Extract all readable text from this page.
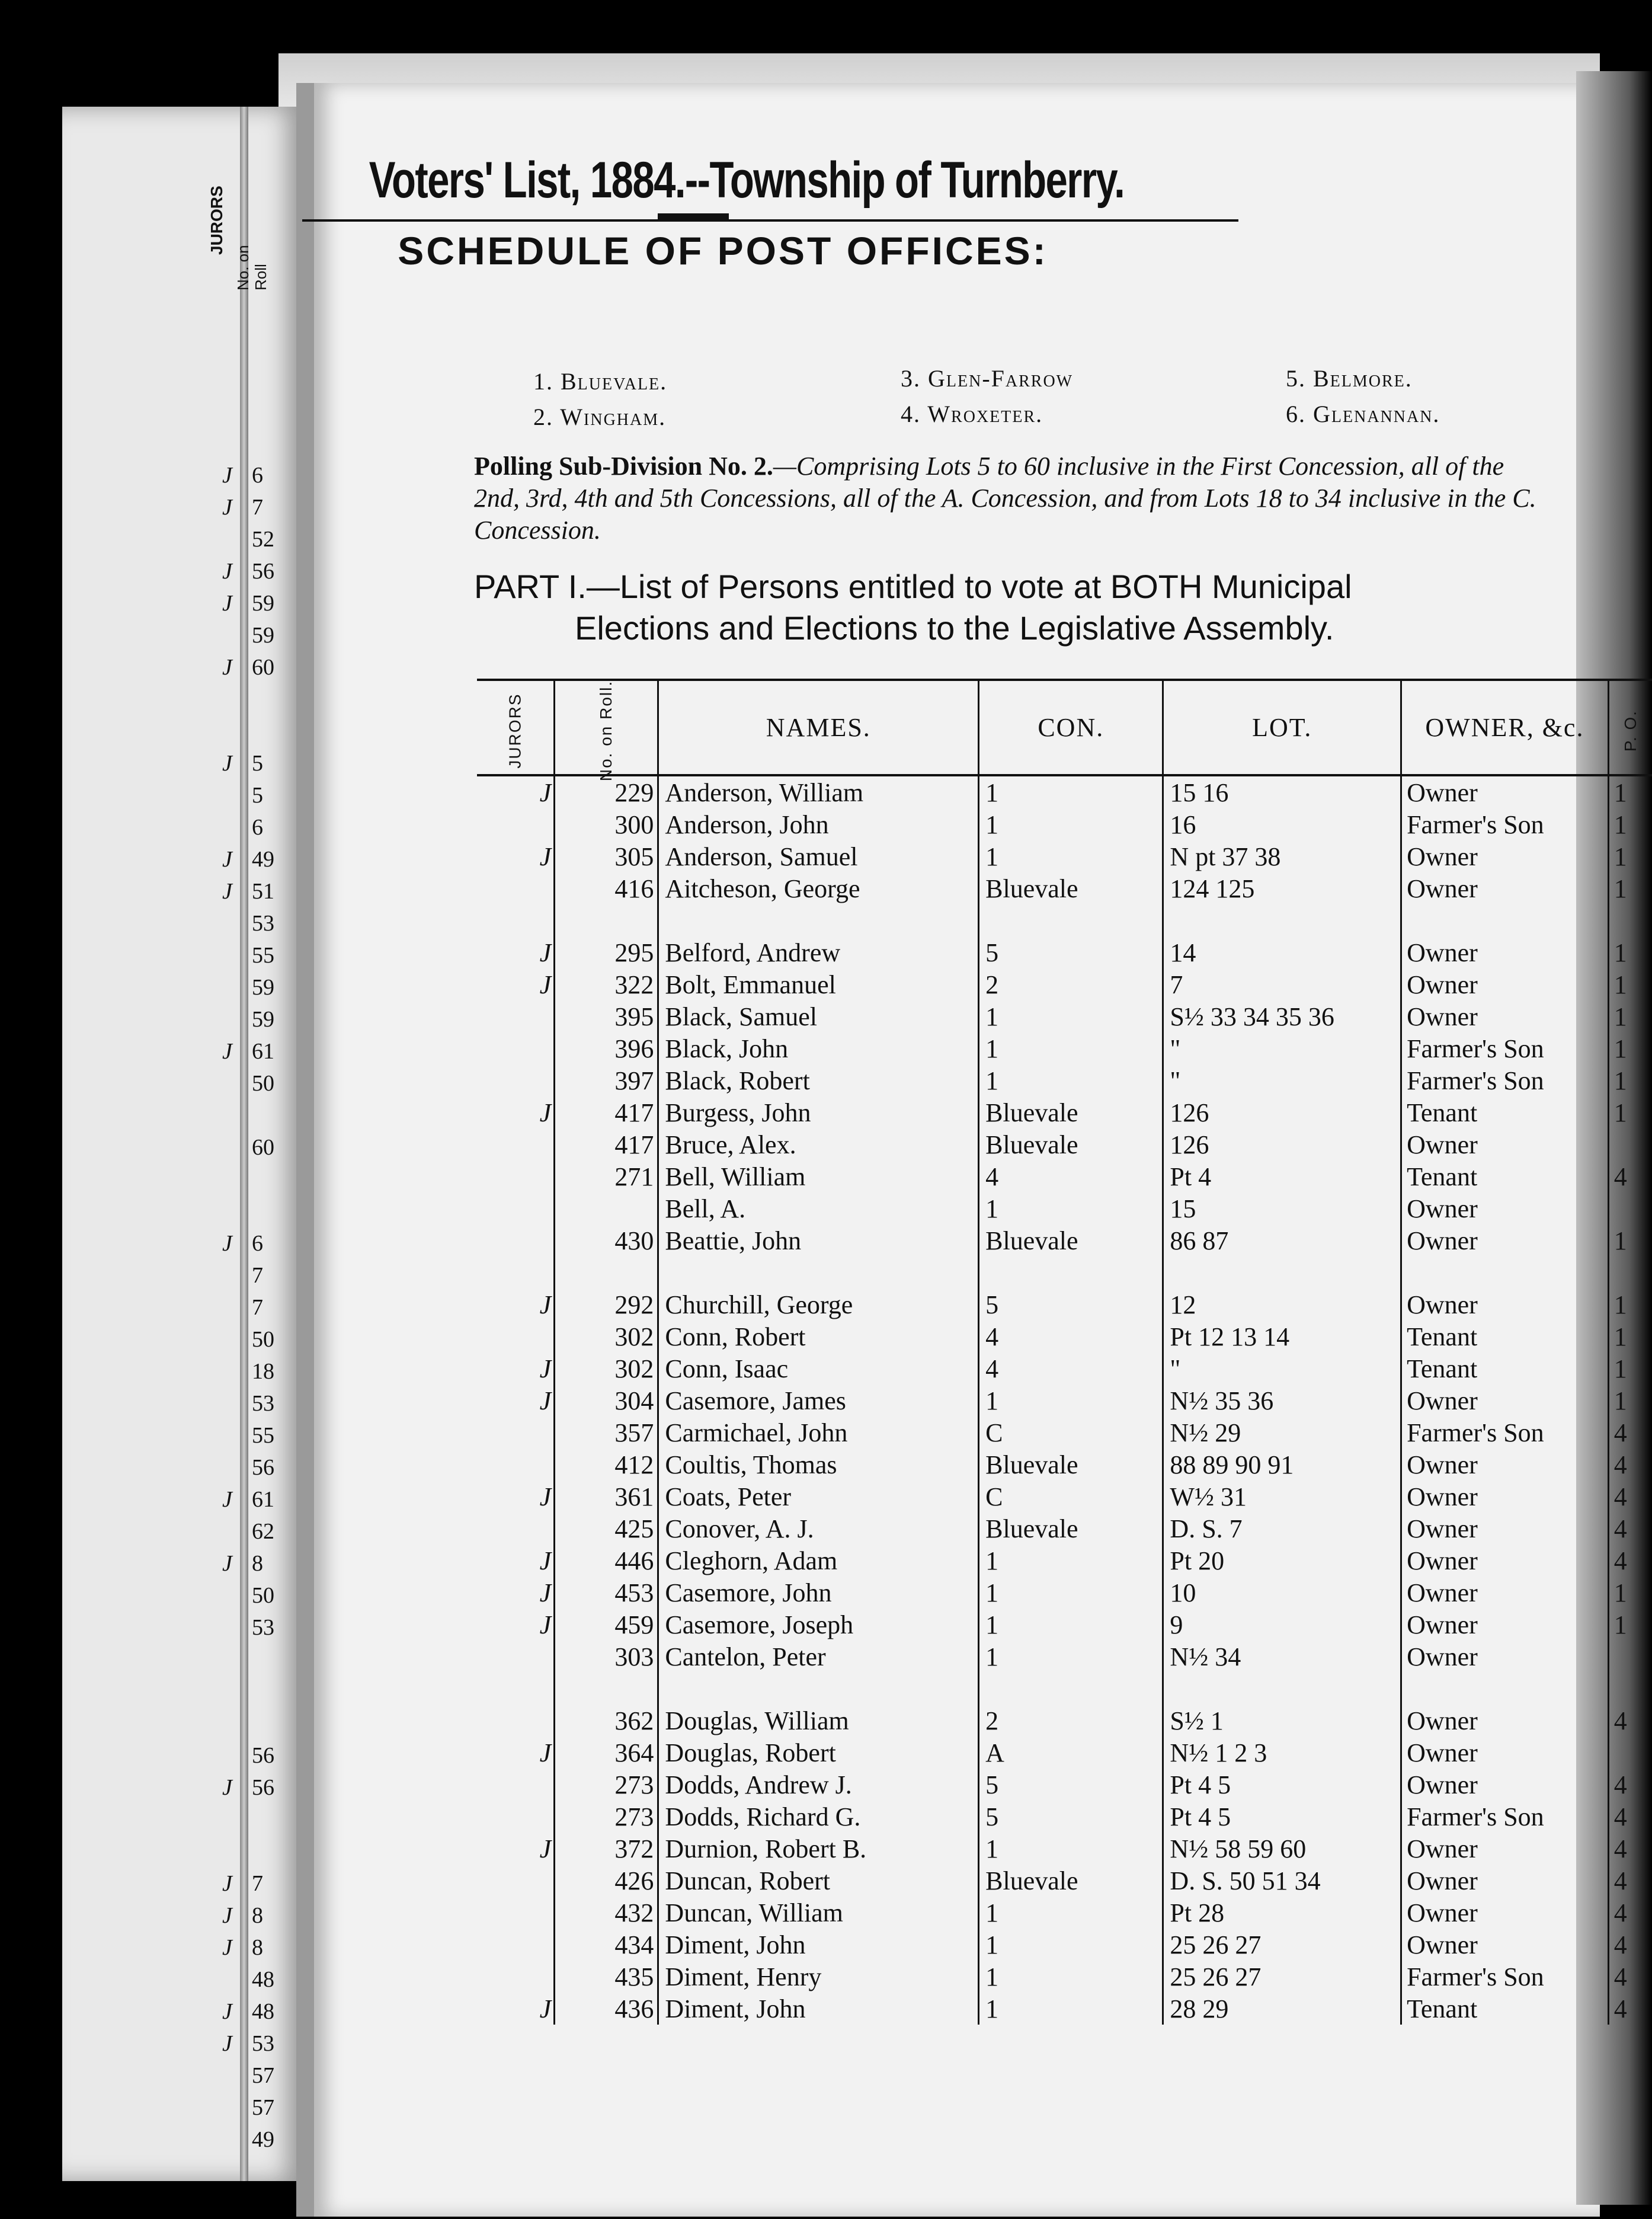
JURORS
No. on Roll
J 6
J 7
52
J 56
J 59
59
J 60
J 5
5
6
J 49
J 51
53
55
59
59
J 61
50
60
J 6
7
7
50
18
53
55
56
J 61
62
J 8
50
53
56
J 56
J 7
J 8
J 8
48
J 48
J 53
57
57
49
Voters' List, 1884.--Township of Turnberry.
SCHEDULE OF POST OFFICES:
1. Bluevale.
2. Wingham.
3. Glen-Farrow
4. Wroxeter.
5. Belmore.
6. Glenannan.
Polling Sub-Division No. 2.—Comprising Lots 5 to 60 inclusive in the First Concession, all of the 2nd, 3rd, 4th and 5th Concessions, all of the A. Concession, and from Lots 18 to 34 inclusive in the C. Concession.
PART I.—List of Persons entitled to vote at BOTH Municipal
Elections and Elections to the Legislative Assembly.
JURORS	No. on Roll.	NAMES.	CON.	LOT.	OWNER, &c.	P. O.
J	229	Anderson, William	1	15 16	Owner	1
	300	Anderson, John	1	16	Farmer's Son	1
J	305	Anderson, Samuel	1	N pt 37 38	Owner	1
	416	Aitcheson, George	Bluevale	124 125	Owner	1

J	295	Belford, Andrew	5	14	Owner	1
J	322	Bolt, Emmanuel	2	7	Owner	1
	395	Black, Samuel	1	S½ 33 34 35 36	Owner	1
	396	Black, John	1	"	Farmer's Son	1
	397	Black, Robert	1	"	Farmer's Son	1
J	417	Burgess, John	Bluevale	126	Tenant	1
	417	Bruce, Alex.	Bluevale	126	Owner	
	271	Bell, William	4	Pt 4	Tenant	4
		Bell, A.	1	15	Owner	
	430	Beattie, John	Bluevale	86 87	Owner	1

J	292	Churchill, George	5	12	Owner	1
	302	Conn, Robert	4	Pt 12 13 14	Tenant	1
J	302	Conn, Isaac	4	"	Tenant	1
J	304	Casemore, James	1	N½ 35 36	Owner	1
	357	Carmichael, John	C	N½ 29	Farmer's Son	4
	412	Coultis, Thomas	Bluevale	88 89 90 91	Owner	4
J	361	Coats, Peter	C	W½ 31	Owner	4
	425	Conover, A. J.	Bluevale	D. S. 7	Owner	4
J	446	Cleghorn, Adam	1	Pt 20	Owner	4
J	453	Casemore, John	1	10	Owner	1
J	459	Casemore, Joseph	1	9	Owner	1
	303	Cantelon, Peter	1	N½ 34	Owner	

	362	Douglas, William	2	S½ 1	Owner	4
J	364	Douglas, Robert	A	N½ 1 2 3	Owner	
	273	Dodds, Andrew J.	5	Pt 4 5	Owner	4
	273	Dodds, Richard G.	5	Pt 4 5	Farmer's Son	4
J	372	Durnion, Robert B.	1	N½ 58 59 60	Owner	4
	426	Duncan, Robert	Bluevale	D. S. 50 51 34	Owner	4
	432	Duncan, William	1	Pt 28	Owner	4
	434	Diment, John	1	25 26 27	Owner	4
	435	Diment, Henry	1	25 26 27	Farmer's Son	4
J	436	Diment, John	1	28 29	Tenant	4
